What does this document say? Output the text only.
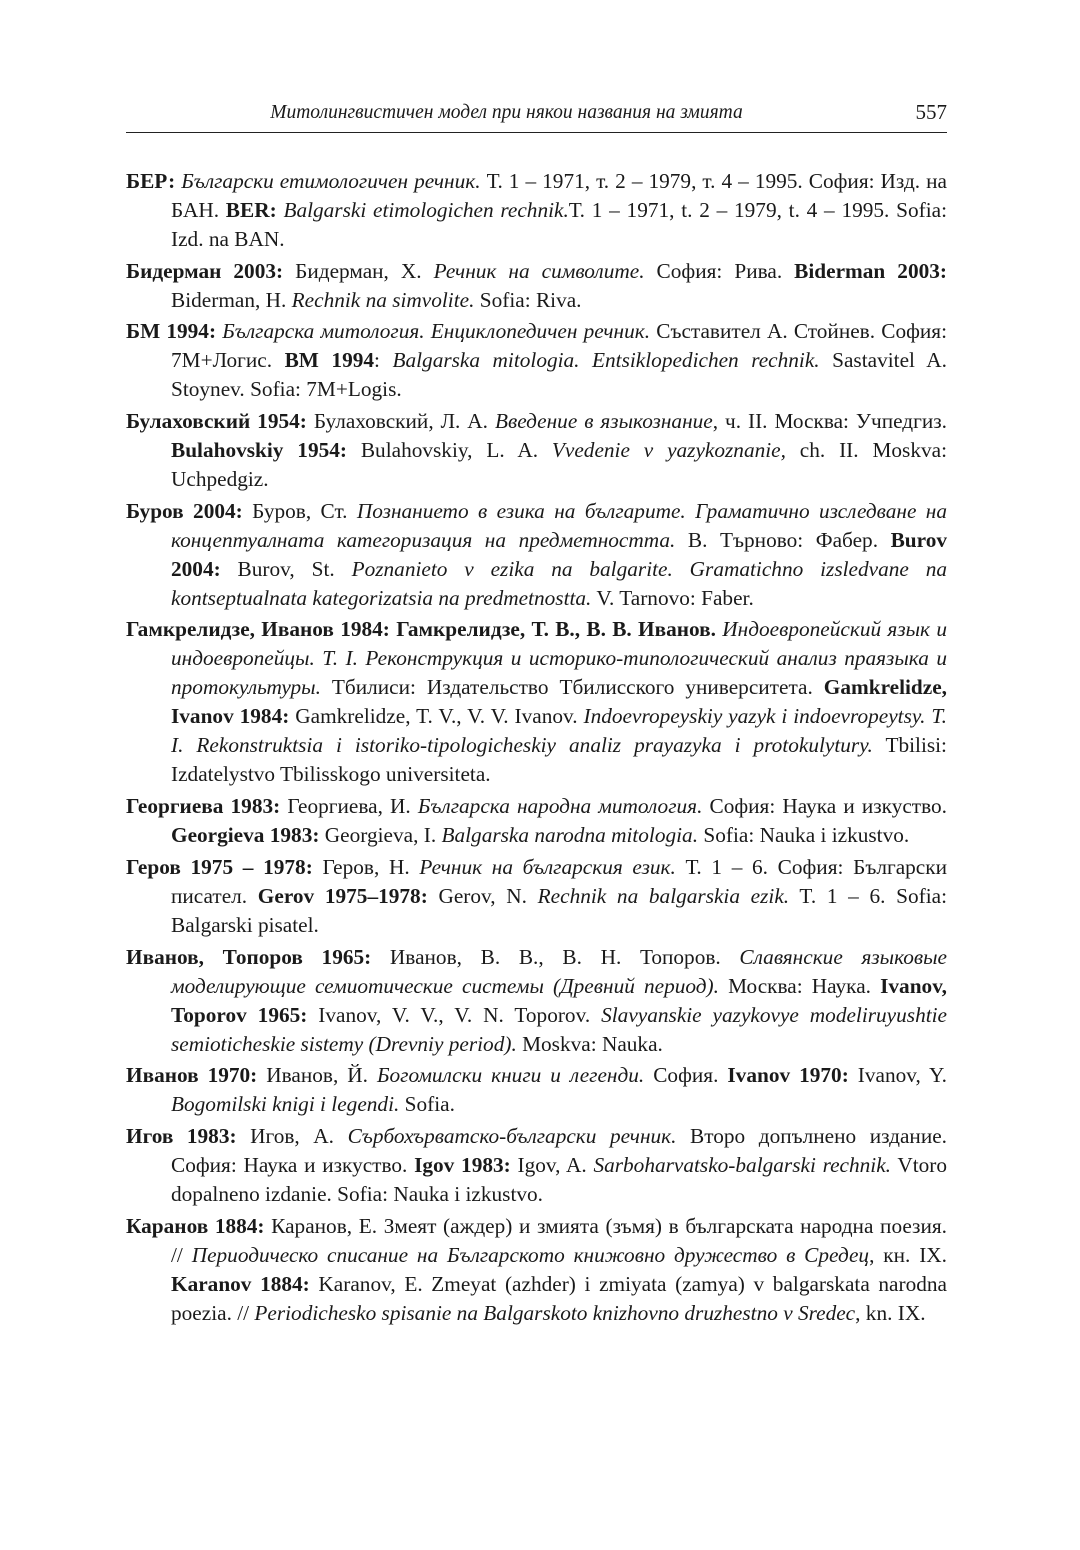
Митолингвистичен модел при някои названия на змията	557

БЕР: Български етимологичен речник. Т. 1 – 1971, т. 2 – 1979, т. 4 – 1995. София: Изд. на БАН. BER: Balgarski etimologichen rechnik.Т. 1 – 1971, t. 2 – 1979, t. 4 – 1995. Sofia: Izd. na BAN.

Бидерман 2003: Бидерман, Х. Речник на символите. София: Рива. Biderman 2003: Biderman, H. Rechnik na simvolite. Sofia: Riva.

БМ 1994: Българска митология. Енциклопедичен речник. Съставител А. Стойнев. София: 7М+Логис. BM 1994: Balgarska mitologia. Entsiklopedichen rechnik. Sastavitel A. Stoynev. Sofia: 7M+Logis.

Булаховский 1954: Булаховский, Л. А. Введение в языкознание, ч. II. Москва: Учпедгиз. Bulahovskiy 1954: Bulahovskiy, L. A. Vvedenie v yazykoznanie, ch. II. Moskva: Uchpedgiz.

Буров 2004: Буров, Ст. Познанието в езика на българите. Граматично изследване на концептуалната категоризация на предметността. В. Търново: Фабер. Burov 2004: Burov, St. Poznanieto v ezika na balgarite. Gramatichno izsledvane na kontseptualnata kategorizatsia na predmetnostta. V. Tarnovo: Faber.

Гамкрелидзе, Иванов 1984: Гамкрелидзе, Т. В., В. В. Иванов. Индоевропейский язык и индоевропейцы. Т. I. Реконструкция и историко-типологический анализ праязыка и протокультуры. Тбилиси: Издательство Тбилисского университета. Gamkrelidze, Ivanov 1984: Gamkrelidze, T. V., V. V. Ivanov. Indoevropeyskiy yazyk i indoevropeytsy. T. I. Rekonstruktsia i istoriko-tipologicheskiy analiz prayazyka i protokulytury. Tbilisi: Izdatelystvo Tbilisskogo universiteta.

Георгиева 1983: Георгиева, И. Българска народна митология. София: Наука и изкуство. Georgieva 1983: Georgieva, I. Balgarska narodna mitologia. Sofia: Nauka i izkustvo.

Геров 1975 – 1978: Геров, Н. Речник на българския език. Т. 1 – 6. София: Български писател. Gerov 1975–1978: Gerov, N. Rechnik na balgarskia ezik. T. 1 – 6. Sofia: Balgarski pisatel.

Иванов, Топоров 1965: Иванов, В. В., В. Н. Топоров. Славянские языковые моделирующие семиотические системы (Древний период). Москва: Наука. Ivanov, Toporov 1965: Ivanov, V. V., V. N. Toporov. Slavyanskie yazykovye modeliruyushtie semioticheskie sistemy (Drevniy period). Moskva: Nauka.

Иванов 1970: Иванов, Й. Богомилски книги и легенди. София. Ivanov 1970: Ivanov, Y. Bogomilski knigi i legendi. Sofia.

Игов 1983: Игов, А. Сърбохърватско-български речник. Второ допълнено издание. София: Наука и изкуство. Igov 1983: Igov, A. Sarboharvatsko-balgarski rechnik. Vtoro dopalneno izdanie. Sofia: Nauka i izkustvo.

Каранов 1884: Каранов, Е. Змеят (аждер) и змията (зъмя) в българската народна поезия. // Периодическо списание на Българското книжовно дружество в Средец, кн. IX. Karanov 1884: Karanov, E. Zmeyat (azhder) i zmiyata (zamya) v balgarskata narodna poezia. // Periodichesko spisanie na Balgarskoto knizhovno druzhestno v Sredec, kn. IX.
